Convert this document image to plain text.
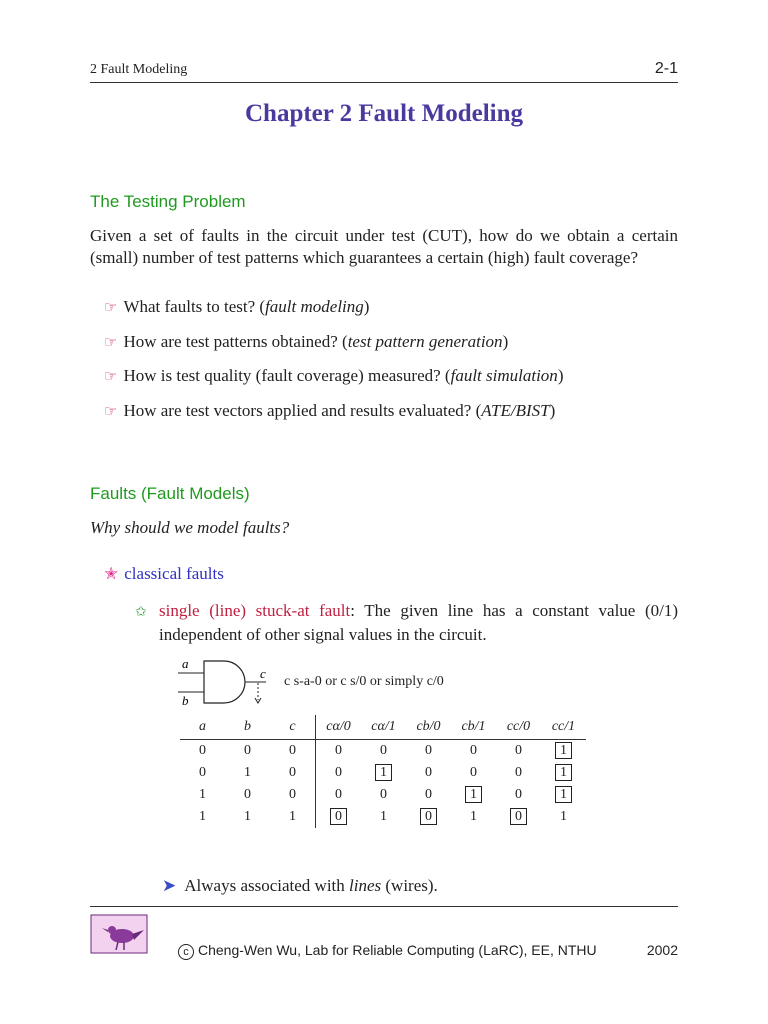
2 Fault Modeling	2-1
Chapter 2 Fault Modeling
The Testing Problem
Given a set of faults in the circuit under test (CUT), how do we obtain a certain (small) number of test patterns which guarantees a certain (high) fault coverage?
☞ What faults to test? (fault modeling)
☞ How are test patterns obtained? (test pattern generation)
☞ How is test quality (fault coverage) measured? (fault simulation)
☞ How are test vectors applied and results evaluated? (ATE/BIST)
Faults (Fault Models)
Why should we model faults?
✭ classical faults
✩ single (line) stuck-at fault: The given line has a constant value (0/1) independent of other signal values in the circuit.
a
b
c
c s-a-0 or c s/0 or simply c/0
a	b	c	cα/0	cα/1	cb/0	cb/1	cc/0	cc/1
0	0	0	0	0	0	0	0	1
0	1	0	0	1	0	0	0	1
1	0	0	0	0	0	1	0	1
1	1	1	0	1	0	1	0	1
➤ Always associated with lines (wires).
c Cheng-Wen Wu, Lab for Reliable Computing (LaRC), EE, NTHU	2002
